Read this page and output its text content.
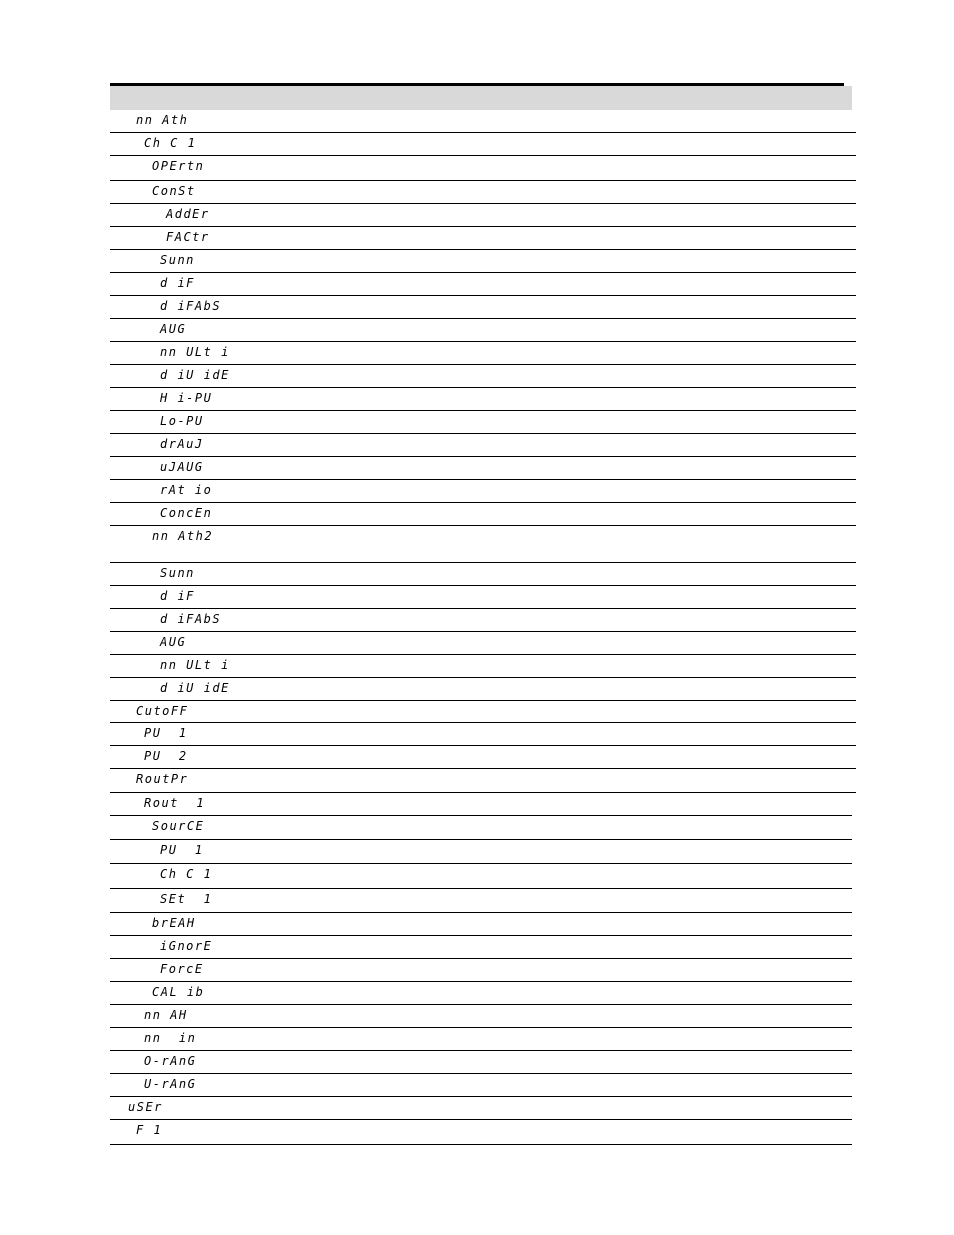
nn Ath
Ch C 1
OPErtn
ConSt
AddEr
FACtr
Sunn
d iF
d iFAbS
AUG
nn ULt i
d iU idE
H i-PU
Lo-PU
drAuJ
uJAUG
rAt io
ConcEn
nn Ath2
Sunn
d iF
d iFAbS
AUG
nn ULt i
d iU idE
CutoFF
PU  1
PU  2
RoutPr
Rout  1
SourCE
PU  1
Ch C 1
SEt  1
brEAH
iGnorE
ForcE
CAL ib
nn AH
nn  in
O-rAnG
U-rAnG
uSEr
F 1
